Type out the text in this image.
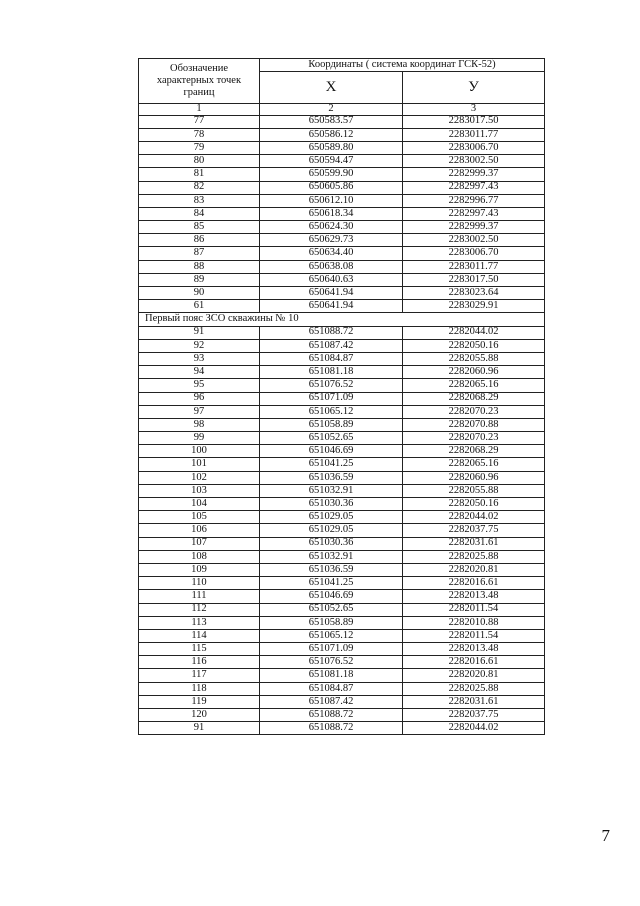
Обозначение характерных точек границ	Координаты ( система координат ГСК-52)	
	X	У
1	2	3
77	650583.57	2283017.50
78	650586.12	2283011.77
79	650589.80	2283006.70
80	650594.47	2283002.50
81	650599.90	2282999.37
82	650605.86	2282997.43
83	650612.10	2282996.77
84	650618.34	2282997.43
85	650624.30	2282999.37
86	650629.73	2283002.50
87	650634.40	2283006.70
88	650638.08	2283011.77
89	650640.63	2283017.50
90	650641.94	2283023.64
61	650641.94	2283029.91
Первый пояс ЗСО скважины № 10		
91	651088.72	2282044.02
92	651087.42	2282050.16
93	651084.87	2282055.88
94	651081.18	2282060.96
95	651076.52	2282065.16
96	651071.09	2282068.29
97	651065.12	2282070.23
98	651058.89	2282070.88
99	651052.65	2282070.23
100	651046.69	2282068.29
101	651041.25	2282065.16
102	651036.59	2282060.96
103	651032.91	2282055.88
104	651030.36	2282050.16
105	651029.05	2282044.02
106	651029.05	2282037.75
107	651030.36	2282031.61
108	651032.91	2282025.88
109	651036.59	2282020.81
110	651041.25	2282016.61
111	651046.69	2282013.48
112	651052.65	2282011.54
113	651058.89	2282010.88
114	651065.12	2282011.54
115	651071.09	2282013.48
116	651076.52	2282016.61
117	651081.18	2282020.81
118	651084.87	2282025.88
119	651087.42	2282031.61
120	651088.72	2282037.75
91	651088.72	2282044.02
7
